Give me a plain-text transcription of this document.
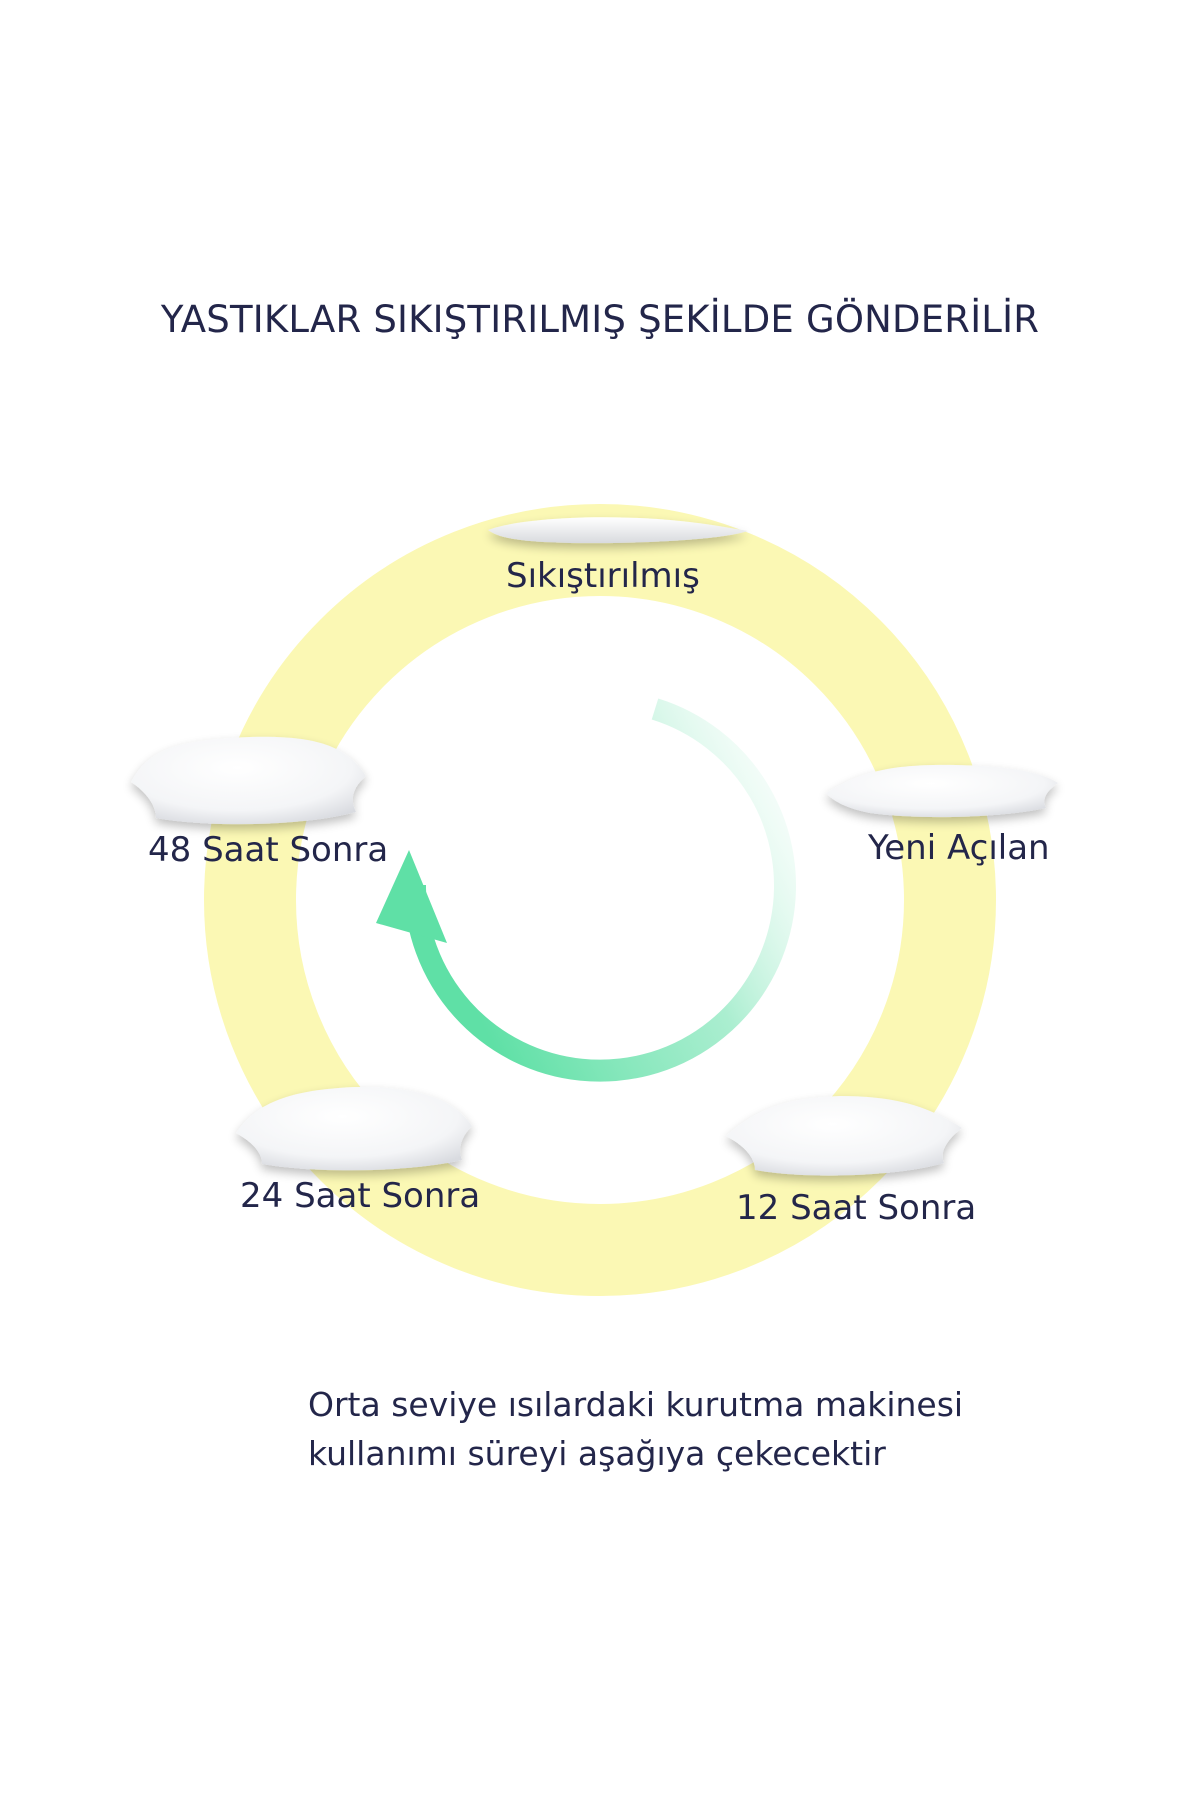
YASTIKLAR SIKIŞTIRILMIŞ ŞEKİLDE GÖNDERİLİR
Sıkıştırılmış
Yeni Açılan
12 Saat Sonra
24 Saat Sonra
48 Saat Sonra
Orta seviye ısılardaki kurutma makinesi
kullanımı süreyi aşağıya çekecektir
